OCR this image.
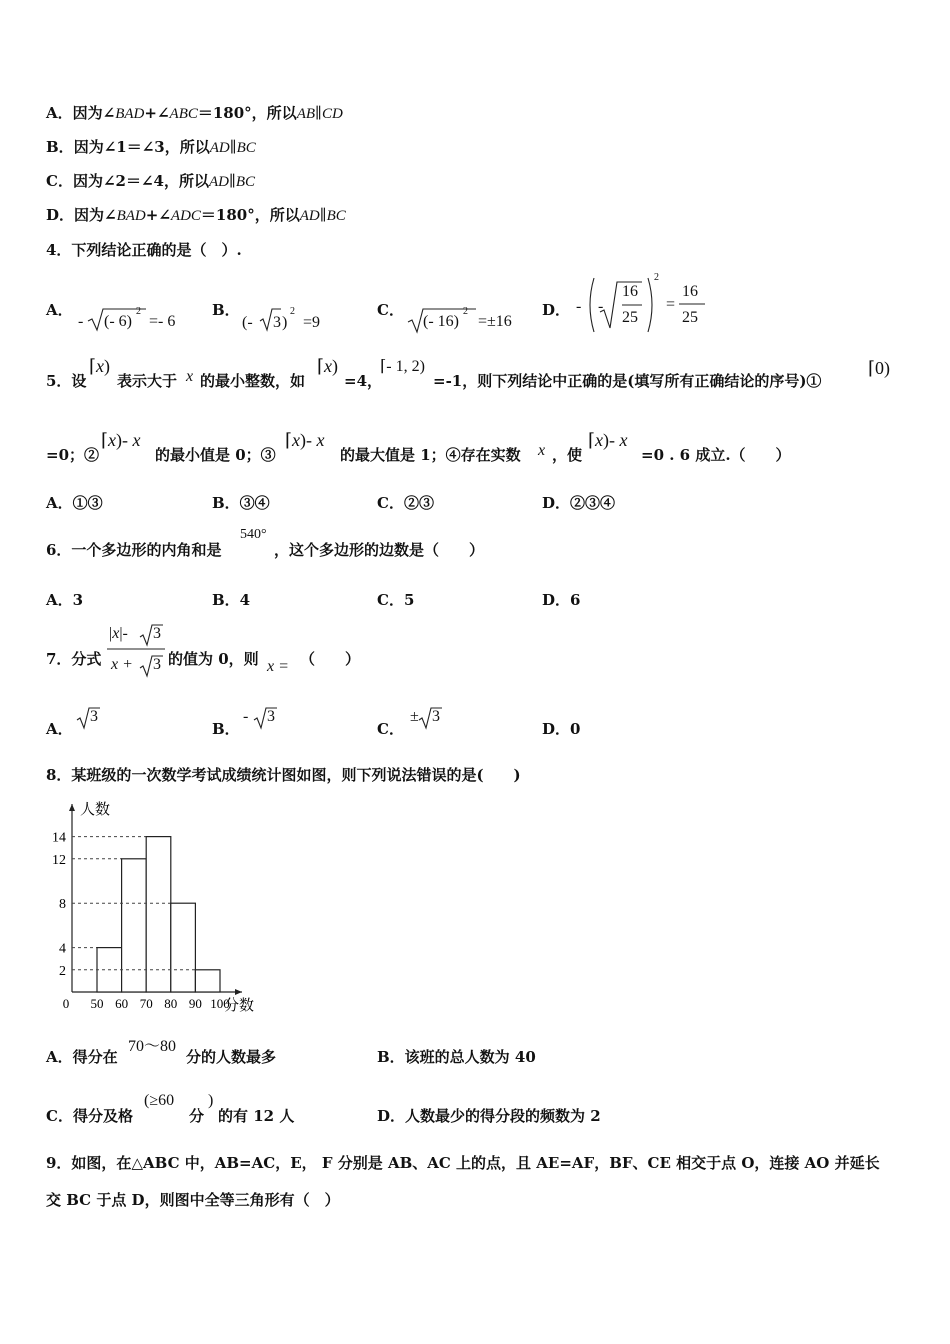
A．因为∠BAD+∠ABC＝180°，所以AB∥CD
B．因为∠1＝∠3，所以AD∥BC
C．因为∠2＝∠4，所以AD∥BC
D．因为∠BAD+∠ADC＝180°，所以AD∥BC
4．下列结论正确的是（　）.
A．
- (- 6)
2
=- 6
B．
(- 3 )
2
=9
C．
(- 16)
2
=±16
D． - -
16
25
2
=
16
25
5．设
⌈x)
表示大于 x 的最小整数，如
⌈x)
=4，
⌈- 1, 2)
=-1，则下列结论中正确的是(填写所有正确结论的序号)①
⌈0)
=0；②
⌈x)- x
的最小值是 0；③
⌈x)- x
的最大值是 1；④存在实数 x ，使
⌈x)- x
=0 . 6 成立.（　　）
A．①③	B．③④	C．②③	D．②③④
6．一个多边形的内角和是
540°
，这个多边形的边数是（　　）
A．3	B．4	C．5	D．6
7．分式
|x|- 3
x + 3 的值为 0，则 x = （　　）
A．
3
B．
- 3
C．
± 3
D．0
8．某班级的一次数学考试成绩统计图如图，则下列说法错误的是(　　)
2
4
8
12
14
0 50 60 70 80 90 100
人数
分数
A．得分在
70～80
分的人数最多	B．该班的总人数为 40
C．得分及格
(≥60
分
)
的有 12 人	D．人数最少的得分段的频数为 2
9．如图，在△ABC 中，AB=AC，E， F 分别是 AB、AC 上的点，且 AE=AF，BF、CE 相交于点 O，连接 AO 并延长
交 BC 于点 D，则图中全等三角形有（　）
